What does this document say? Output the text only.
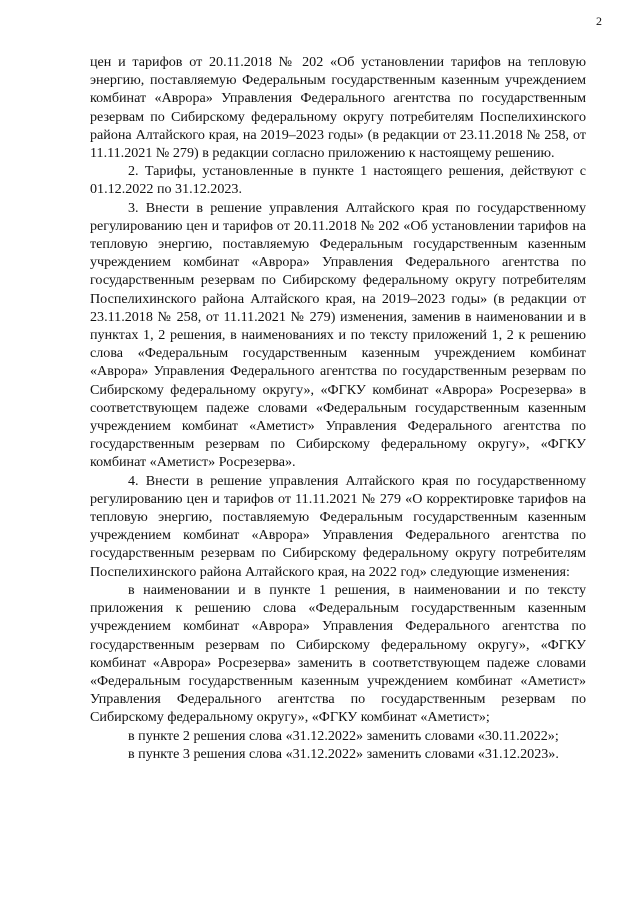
2

цен и тарифов от 20.11.2018 № 202 «Об установлении тарифов на тепловую энергию, поставляемую Федеральным государственным казенным учреждением комбинат «Аврора» Управления Федерального агентства по государственным резервам по Сибирскому федеральному округу потребителям Поспелихинского района Алтайского края, на 2019–2023 годы» (в редакции от 23.11.2018 № 258, от 11.11.2021 № 279) в редакции согласно приложению к настоящему решению.

2. Тарифы, установленные в пункте 1 настоящего решения, действуют с 01.12.2022 по 31.12.2023.

3. Внести в решение управления Алтайского края по государственному регулированию цен и тарифов от 20.11.2018 № 202 «Об установлении тарифов на тепловую энергию, поставляемую Федеральным государственным казенным учреждением комбинат «Аврора» Управления Федерального агентства по государственным резервам по Сибирскому федеральному округу потребителям Поспелихинского района Алтайского края, на 2019–2023 годы» (в редакции от 23.11.2018 № 258, от 11.11.2021 № 279) изменения, заменив в наименовании и в пунктах 1, 2 решения, в наименованиях и по тексту приложений 1, 2 к решению слова «Федеральным государственным казенным учреждением комбинат «Аврора» Управления Федерального агентства по государственным резервам по Сибирскому федеральному округу», «ФГКУ комбинат «Аврора» Росрезерва» в соответствующем падеже словами «Федеральным государственным казенным учреждением комбинат «Аметист» Управления Федерального агентства по государственным резервам по Сибирскому федеральному округу», «ФГКУ комбинат «Аметист» Росрезерва».

4. Внести в решение управления Алтайского края по государственному регулированию цен и тарифов от 11.11.2021 № 279 «О корректировке тарифов на тепловую энергию, поставляемую Федеральным государственным казенным учреждением комбинат «Аврора» Управления Федерального агентства по государственным резервам по Сибирскому федеральному округу потребителям Поспелихинского района Алтайского края, на 2022 год» следующие изменения:

в наименовании и в пункте 1 решения, в наименовании и по тексту приложения к решению слова «Федеральным государственным казенным учреждением комбинат «Аврора» Управления Федерального агентства по государственным резервам по Сибирскому федеральному округу», «ФГКУ комбинат «Аврора» Росрезерва» заменить в соответствующем падеже словами «Федеральным государственным казенным учреждением комбинат «Аметист» Управления Федерального агентства по государственным резервам по Сибирскому федеральному округу», «ФГКУ комбинат «Аметист»;

в пункте 2 решения слова «31.12.2022» заменить словами «30.11.2022»;

в пункте 3 решения слова «31.12.2022» заменить словами «31.12.2023».
